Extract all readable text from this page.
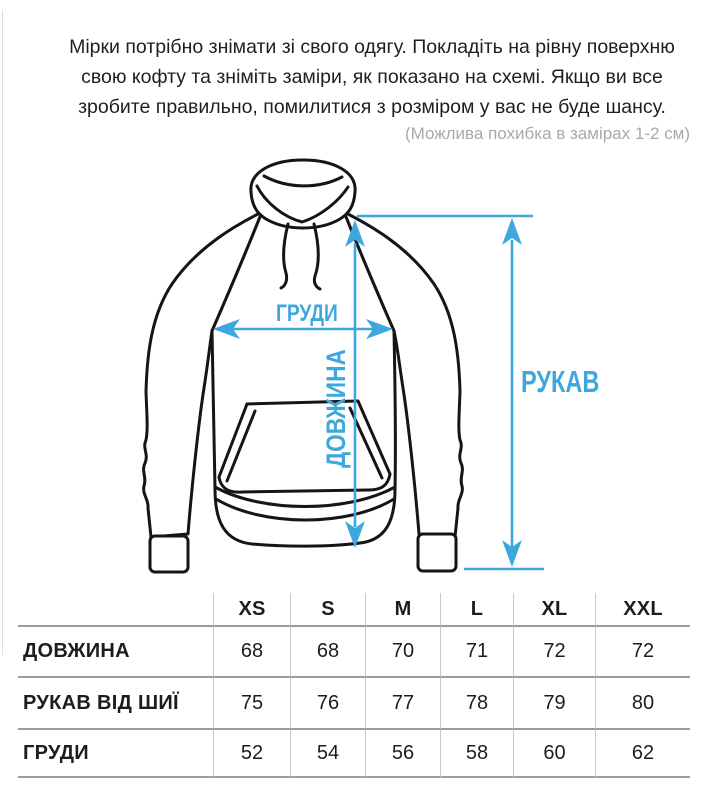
Мірки потрібно знімати зі свого одягу. Покладіть на рівну поверхню свою кофту та зніміть заміри, як показано на схемі. Якщо ви все зробите правильно, помилитися з розміром у вас не буде шансу.
(Можлива похибка в замірах 1-2 см)
ГРУДИ
ДОВЖИНА	РУКАВ
XS	S	M	L	XL	XXL
ДОВЖИНА	68	68	70	71	72	72
РУКАВ ВІД ШИЇ	75	76	77	78	79	80
ГРУДИ	52	54	56	58	60	62
